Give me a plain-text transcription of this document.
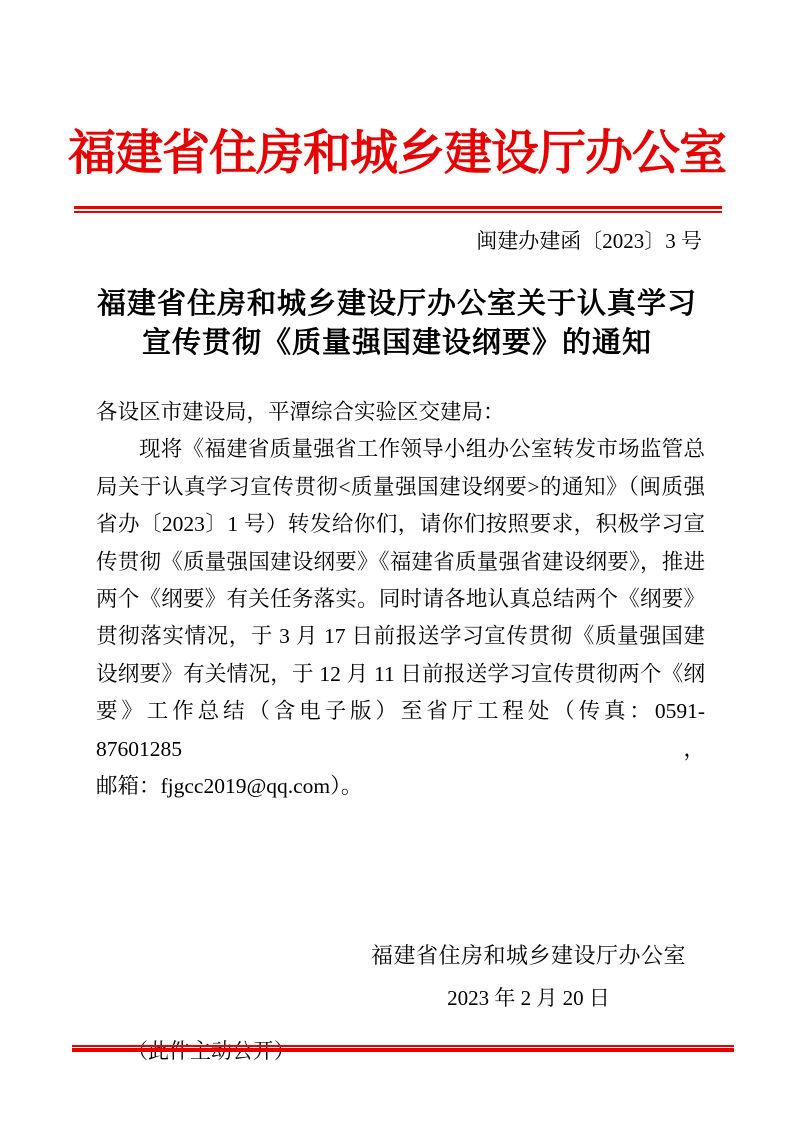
福建省住房和城乡建设厅办公室
闽建办建函〔2023〕3 号
福建省住房和城乡建设厅办公室关于认真学习
宣传贯彻《质量强国建设纲要》的通知

各设区市建设局，平潭综合实验区交建局：

现将《福建省质量强省工作领导小组办公室转发市场监管总

局关于认真学习宣传贯彻<质量强国建设纲要>的通知》（闽质强

省办〔2023〕1 号）转发给你们，请你们按照要求，积极学习宣

传贯彻《质量强国建设纲要》《福建省质量强省建设纲要》，推进

两个《纲要》有关任务落实。同时请各地认真总结两个《纲要》

贯彻落实情况，于 3 月 17 日前报送学习宣传贯彻《质量强国建

设纲要》有关情况，于 12 月 11 日前报送学习宣传贯彻两个《纲

要》工作总结（含电子版）至省厅工程处（传真：0591-87601285，

邮箱：fjgcc2019@qq.com）。

福建省住房和城乡建设厅办公室
2023 年 2 月 20 日
（此件主动公开）
